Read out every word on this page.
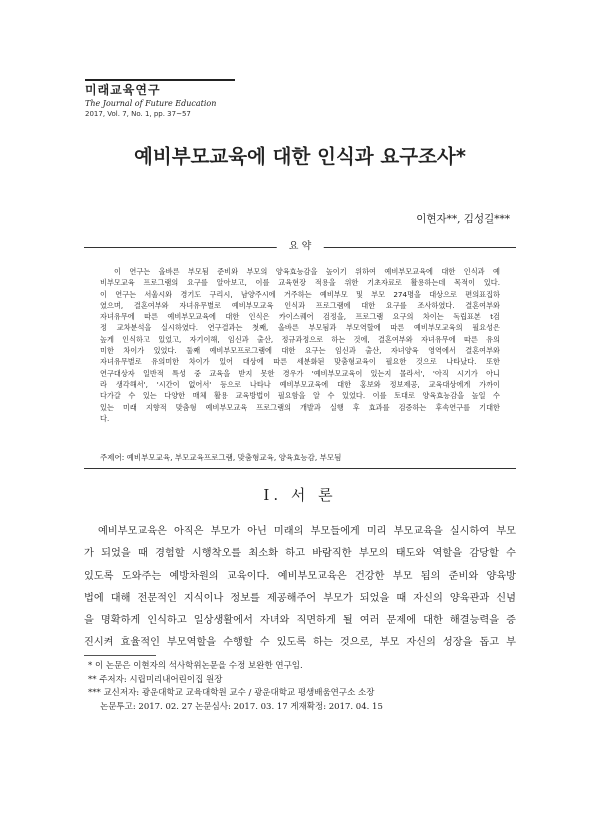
미래교육연구
The Journal of Future Education
2017, Vol. 7, No. 1, pp. 37~57
예비부모교육에 대한 인식과 요구조사*
이현자**, 김성길***
요 약
이 연구는 올바른 부모됨 준비와 부모의 양육효능감을 높이기 위하여 예비부모교육에 대한 인식과 예
비부모교육 프로그램의 요구를 알아보고, 이를 교육현장 적용을 위한 기초자료로 활용하는데 목적이 있다.
이 연구는 서울시와 경기도 구리시, 남양주시에 거주하는 예비부모 및 부모 274명을 대상으로 편의표집하
였으며, 결혼여부와 자녀유무별로 예비부모교육 인식과 프로그램에 대한 요구를 조사하였다. 결혼여부와
자녀유무에 따른 예비부모교육에 대한 인식은 카이스퀘어 검정을, 프로그램 요구의 차이는 독립표본 t검
정 교차분석을 실시하였다. 연구결과는 첫째, 올바른 부모됨과 부모역할에 따른 예비부모교육의 필요성은
높게 인식하고 있었고, 자기이해, 임신과 출산, 정규과정으로 하는 것에, 결혼여부와 자녀유무에 따른 유의
미한 차이가 있었다. 둘째 예비부모프로그램에 대한 요구는 임신과 출산, 자녀양육 영역에서 결혼여부와
자녀유무별로 유의미한 차이가 있어 대상에 따른 세분화된 맞춤형교육이 필요한 것으로 나타났다. 또한
연구대상자 일반적 특성 중 교육을 받지 못한 경우가 '예비부모교육이 있는지 몰라서', '아직 시기가 아니
라 생각해서', '시간이 없어서' 등으로 나타나 예비부모교육에 대한 홍보와 정보제공, 교육대상에게 가까이
다가갈 수 있는 다양한 매체 활용 교육방법이 필요함을 알 수 있었다. 이를 토대로 양육효능감을 높일 수
있는 미래 지향적 맞춤형 예비부모교육 프로그램의 개발과 실행 후 효과를 검증하는 후속연구를 기대한
다.
주제어: 예비부모교육, 부모교육프로그램, 맞춤형교육, 양육효능감, 부모됨
Ⅰ. 서 론
예비부모교육은 아직은 부모가 아닌 미래의 부모들에게 미리 부모교육을 실시하여 부모
가 되었을 때 경험할 시행착오를 최소화 하고 바람직한 부모의 태도와 역할을 감당할 수
있도록 도와주는 예방차원의 교육이다. 예비부모교육은 건강한 부모 됨의 준비와 양육방
법에 대해 전문적인 지식이나 정보를 제공해주어 부모가 되었을 때 자신의 양육관과 신념
을 명확하게 인식하고 일상생활에서 자녀와 직면하게 될 여러 문제에 대한 해결능력을 증
진시켜 효율적인 부모역할을 수행할 수 있도록 하는 것으로, 부모 자신의 성장을 돕고 부
* 이 논문은 이현자의 석사학위논문을 수정 보완한 연구임.
** 주저자: 시립미리내어린이집 원장
*** 교신저자: 광운대학교 교육대학원 교수 / 광운대학교 평생배움연구소 소장
논문투고: 2017. 02. 27 논문심사: 2017. 03. 17 게재확정: 2017. 04. 15
